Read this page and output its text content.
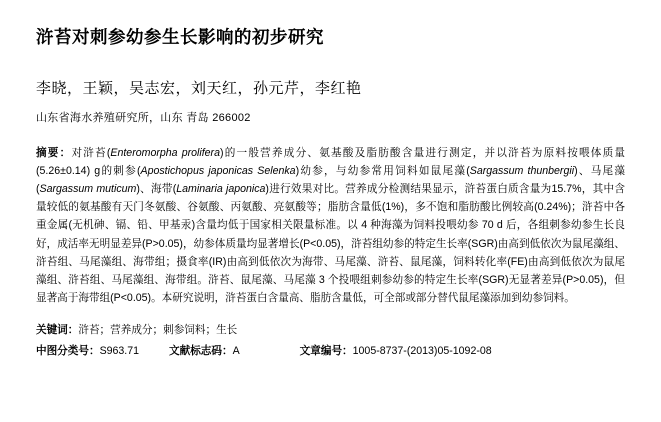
浒苔对刺参幼参生长影响的初步研究
李晓，王颖，吴志宏，刘天红，孙元芹，李红艳
山东省海水养殖研究所，山东 青岛 266002
摘要：对浒苔(Enteromorpha prolifera)的一般营养成分、氨基酸及脂肪酸含量进行测定，并以浒苔为原料按喂体质量(5.26±0.14) g的刺参(Apostichopus japonicas Selenka)幼参，与幼参常用饲料如鼠尾藻(Sargassum thunbergii)、马尾藻(Sargassum muticum)、海带(Laminaria japonica)进行效果对比。营养成分检测结果显示，浒苔蛋白质含量为15.7%，其中含量较低的氨基酸有天门冬氨酸、谷氨酸、丙氨酸、亮氨酸等；脂肪含量低(1%)，多不饱和脂肪酸比例较高(0.24%)；浒苔中各重金属(无机砷、镉、铅、甲基汞)含量均低于国家相关限量标准。以 4 种海藻为饲料投喂幼参 70 d 后，各组刺参幼参生长良好，成活率无明显差异(P>0.05)，幼参体质量均显著增长(P<0.05)，浒苔组幼参的特定生长率(SGR)由高到低依次为鼠尾藻组、浒苔组、马尾藻组、海带组；摄食率(IR)由高到低依次为海带、马尾藻、浒苔、鼠尾藻，饲料转化率(FE)由高到低依次为鼠尾藻组、浒苔组、马尾藻组、海带组。浒苔、鼠尾藻、马尾藻 3 个投喂组刺参幼参的特定生长率(SGR)无显著差异(P>0.05)，但显著高于海带组(P<0.05)。本研究说明，浒苔蛋白含量高、脂肪含量低，可全部或部分替代鼠尾藻添加到幼参饲料。
关键词：浒苔；营养成分；刺参饲料；生长
中图分类号：S963.71	文献标志码：A	文章编号：1005-8737-(2013)05-1092-08
